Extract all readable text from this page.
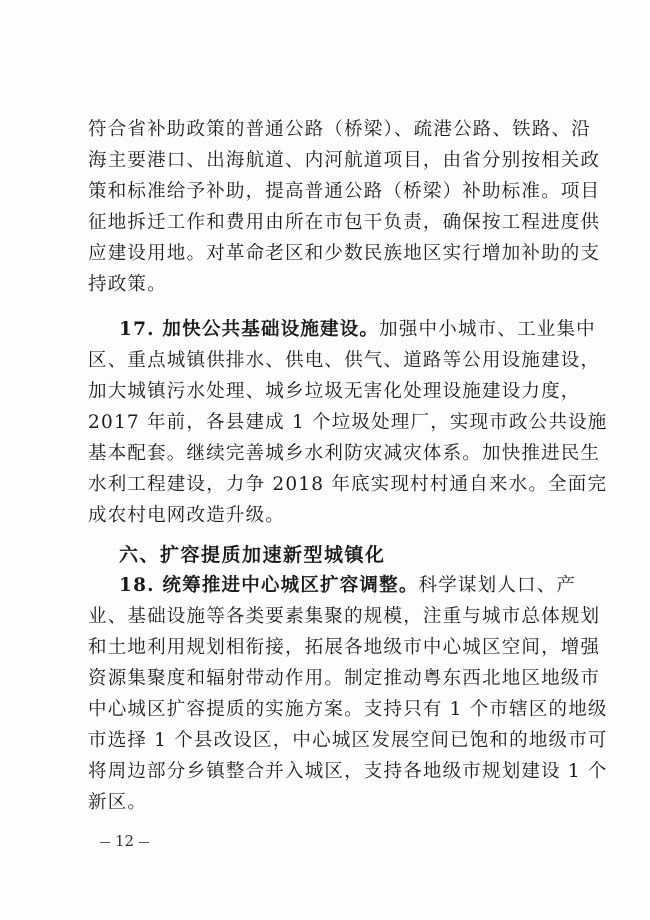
符合省补助政策的普通公路（桥梁）、疏港公路、铁路、沿
海主要港口、出海航道、内河航道项目，由省分别按相关政
策和标准给予补助，提高普通公路（桥梁）补助标准。项目
征地拆迁工作和费用由所在市包干负责，确保按工程进度供
应建设用地。对革命老区和少数民族地区实行增加补助的支
持政策。
17. 加快公共基础设施建设。加强中小城市、工业集中
区、重点城镇供排水、供电、供气、道路等公用设施建设，
加大城镇污水处理、城乡垃圾无害化处理设施建设力度，
2017 年前，各县建成 1 个垃圾处理厂，实现市政公共设施
基本配套。继续完善城乡水利防灾减灾体系。加快推进民生
水利工程建设，力争 2018 年底实现村村通自来水。全面完
成农村电网改造升级。
六、扩容提质加速新型城镇化
18. 统筹推进中心城区扩容调整。科学谋划人口、产
业、基础设施等各类要素集聚的规模，注重与城市总体规划
和土地利用规划相衔接，拓展各地级市中心城区空间，增强
资源集聚度和辐射带动作用。制定推动粤东西北地区地级市
中心城区扩容提质的实施方案。支持只有 1 个市辖区的地级
市选择 1 个县改设区，中心城区发展空间已饱和的地级市可
将周边部分乡镇整合并入城区，支持各地级市规划建设 1 个
新区。
12
